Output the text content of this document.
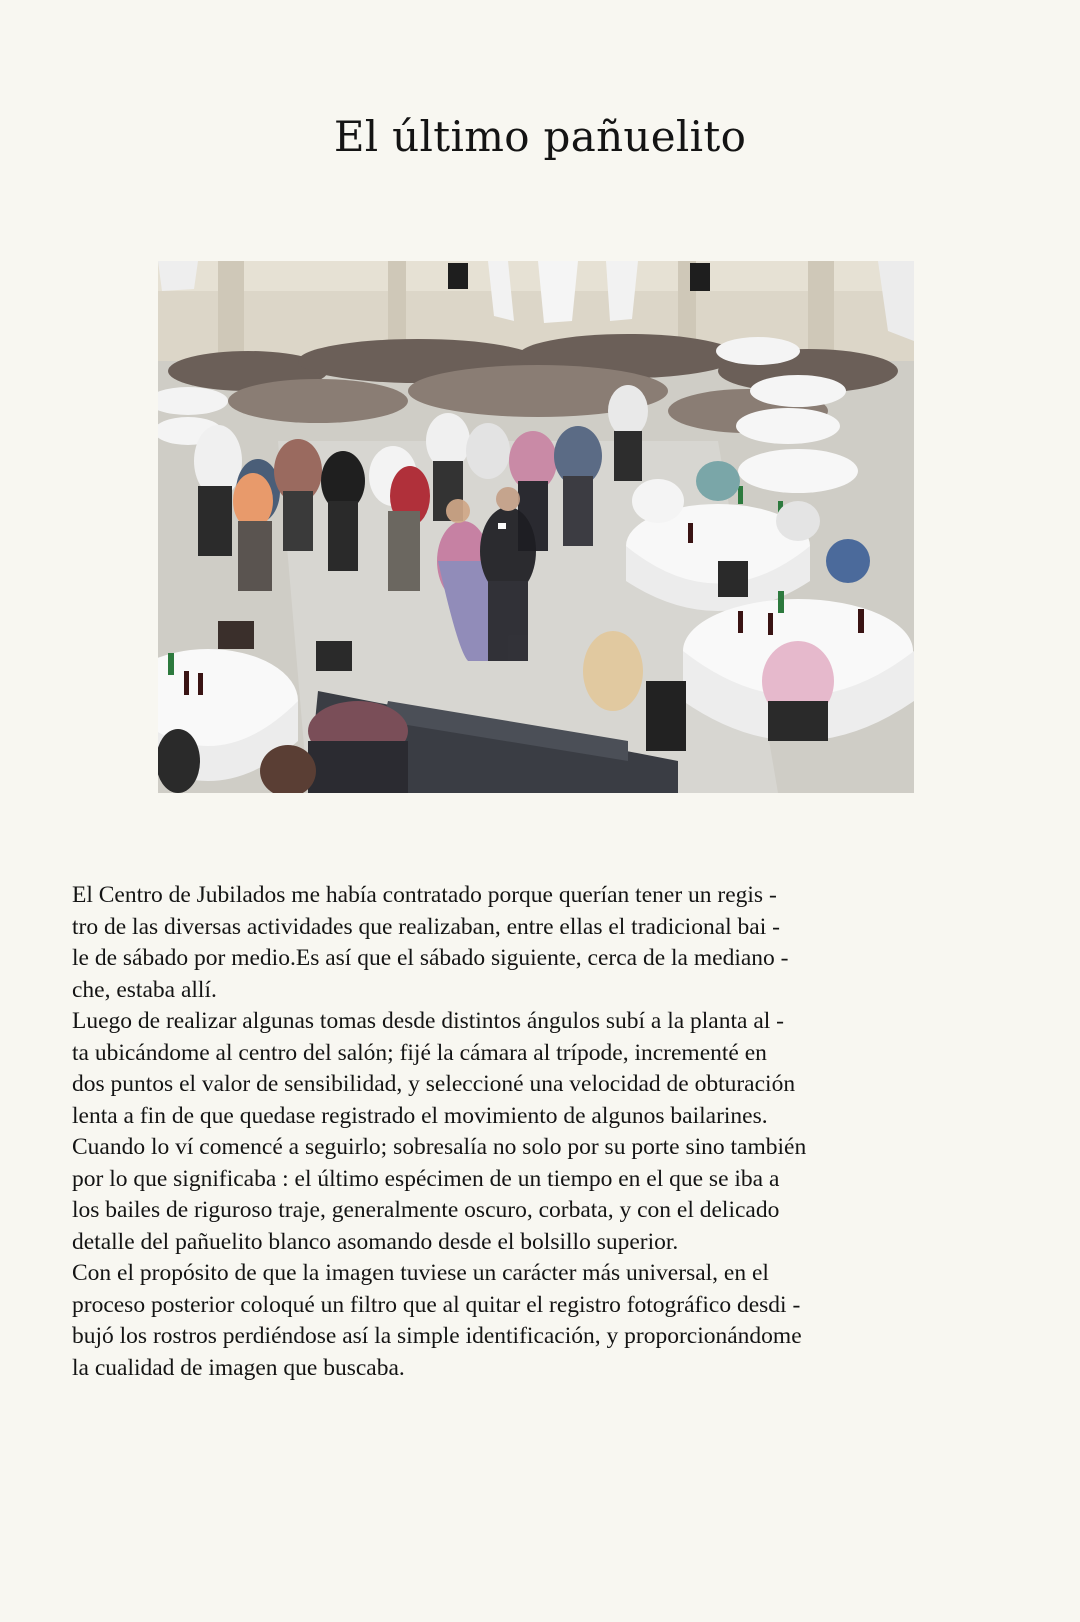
El último pañuelito
El Centro de Jubilados me había contratado porque querían tener un regis -
tro de las diversas actividades que realizaban, entre ellas el tradicional bai -
le de sábado por medio.Es así que el sábado siguiente, cerca de la mediano -
che, estaba allí.
Luego de realizar algunas tomas desde distintos ángulos subí a la planta al -
ta ubicándome al centro del salón; fijé la cámara al trípode, incrementé en
dos puntos el valor de sensibilidad, y seleccioné una velocidad de obturación
lenta a fin de que quedase registrado el movimiento de algunos bailarines.
Cuando lo ví comencé a seguirlo; sobresalía no solo por su porte sino también
por lo que significaba : el último espécimen de un tiempo en el que se iba a
los bailes de riguroso traje, generalmente oscuro, corbata, y con el delicado
detalle del pañuelito blanco asomando desde el bolsillo superior.
Con el propósito de que la imagen tuviese un carácter más universal, en el
proceso posterior coloqué un filtro que al quitar el registro fotográfico desdi -
bujó los rostros perdiéndose así la simple identificación, y proporcionándome
la cualidad de imagen que buscaba.
